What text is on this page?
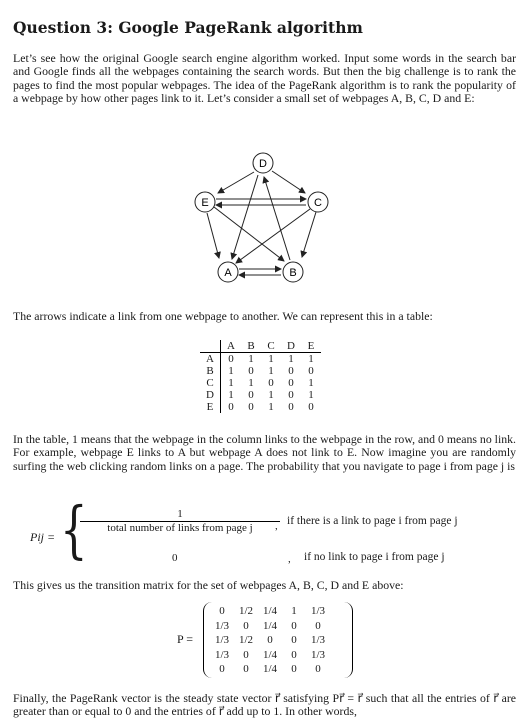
Question 3: Google PageRank algorithm

Let’s see how the original Google search engine algorithm worked. Input some words in the search bar and Google finds all the webpages containing the search words. But then the big challenge is to rank the pages to find the most popular webpages. The idea of the PageRank algorithm is to rank the popularity of a webpage by how other pages link to it. Let’s consider a small set of webpages A, B, C, D and E:

D
E	C
A	B

The arrows indicate a link from one webpage to another. We can represent this in a table:

	A	B	C	D	E
A	0	1	1	1	1
B	1	0	1	0	0
C	1	1	0	0	1
D	1	0	1	0	1
E	0	0	1	0	0

In the table, 1 means that the webpage in the column links to the webpage in the row, and 0 means no link. For example, webpage E links to A but webpage A does not link to E. Now imagine you are randomly surfing the web clicking random links on a page. The probability that you navigate to page i from page j is

Pij = {	1
total number of links from page j	, if there is a link to page i from page j
0	, if no link to page i from page j

This gives us the transition matrix for the set of webpages A, B, C, D and E above:

P =
0	1/2	1/4	1	1/3
1/3	0	1/4	0	0
1/3	1/2	0	0	1/3
1/3	0	1/4	0	1/3
0	0	1/4	0	0

Finally, the PageRank vector is the steady state vector r⃗ satisfying Pr⃗ = r⃗ such that all the entries of r⃗ are greater than or equal to 0 and the entries of r⃗ add up to 1. In other words,
